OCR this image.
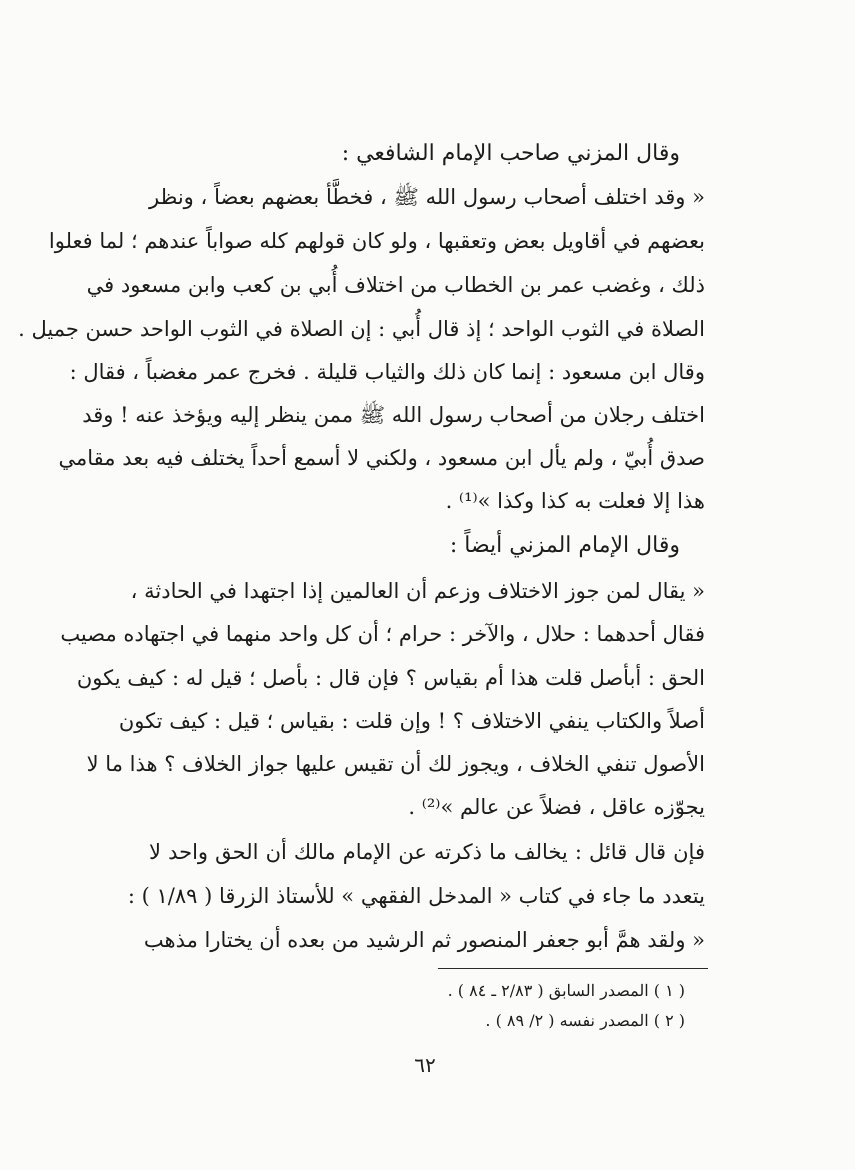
وقال المزني صاحب الإمام الشافعي :
« وقد اختلف أصحاب رسول الله ﷺ ، فخطَّأ بعضهم بعضاً ، ونظر
بعضهم في أقاويل بعض وتعقبها ، ولو كان قولهم كله صواباً عندهم ؛ لما فعلوا
ذلك ، وغضب عمر بن الخطاب من اختلاف أُبي بن كعب وابن مسعود في
الصلاة في الثوب الواحد ؛ إذ قال أُبي : إن الصلاة في الثوب الواحد حسن جميل .
وقال ابن مسعود : إنما كان ذلك والثياب قليلة . فخرج عمر مغضباً ، فقال :
اختلف رجلان من أصحاب رسول الله ﷺ ممن ينظر إليه ويؤخذ عنه ! وقد
صدق أُبيّ ، ولم يأل ابن مسعود ، ولكني لا أسمع أحداً يختلف فيه بعد مقامي
هذا إلا فعلت به كذا وكذا »⁽¹⁾ .
وقال الإمام المزني أيضاً :
« يقال لمن جوز الاختلاف وزعم أن العالمين إذا اجتهدا في الحادثة ،
فقال أحدهما : حلال ، والآخر : حرام ؛ أن كل واحد منهما في اجتهاده مصيب
الحق : أبأصل قلت هذا أم بقياس ؟ فإن قال : بأصل ؛ قيل له : كيف يكون
أصلاً والكتاب ينفي الاختلاف ؟ ! وإن قلت : بقياس ؛ قيل : كيف تكون
الأصول تنفي الخلاف ، ويجوز لك أن تقيس عليها جواز الخلاف ؟ هذا ما لا
يجوّزه عاقل ، فضلاً عن عالم »⁽²⁾ .
فإن قال قائل : يخالف ما ذكرته عن الإمام مالك أن الحق واحد لا
يتعدد ما جاء في كتاب « المدخل الفقهي » للأستاذ الزرقا ( ١/٨٩ ) :
« ولقد همَّ أبو جعفر المنصور ثم الرشيد من بعده أن يختارا مذهب
( ١ ) المصدر السابق ( ٢/٨٣ ـ ٨٤ ) .
( ٢ ) المصدر نفسه ( ٢/ ٨٩ ) .
٦٢
